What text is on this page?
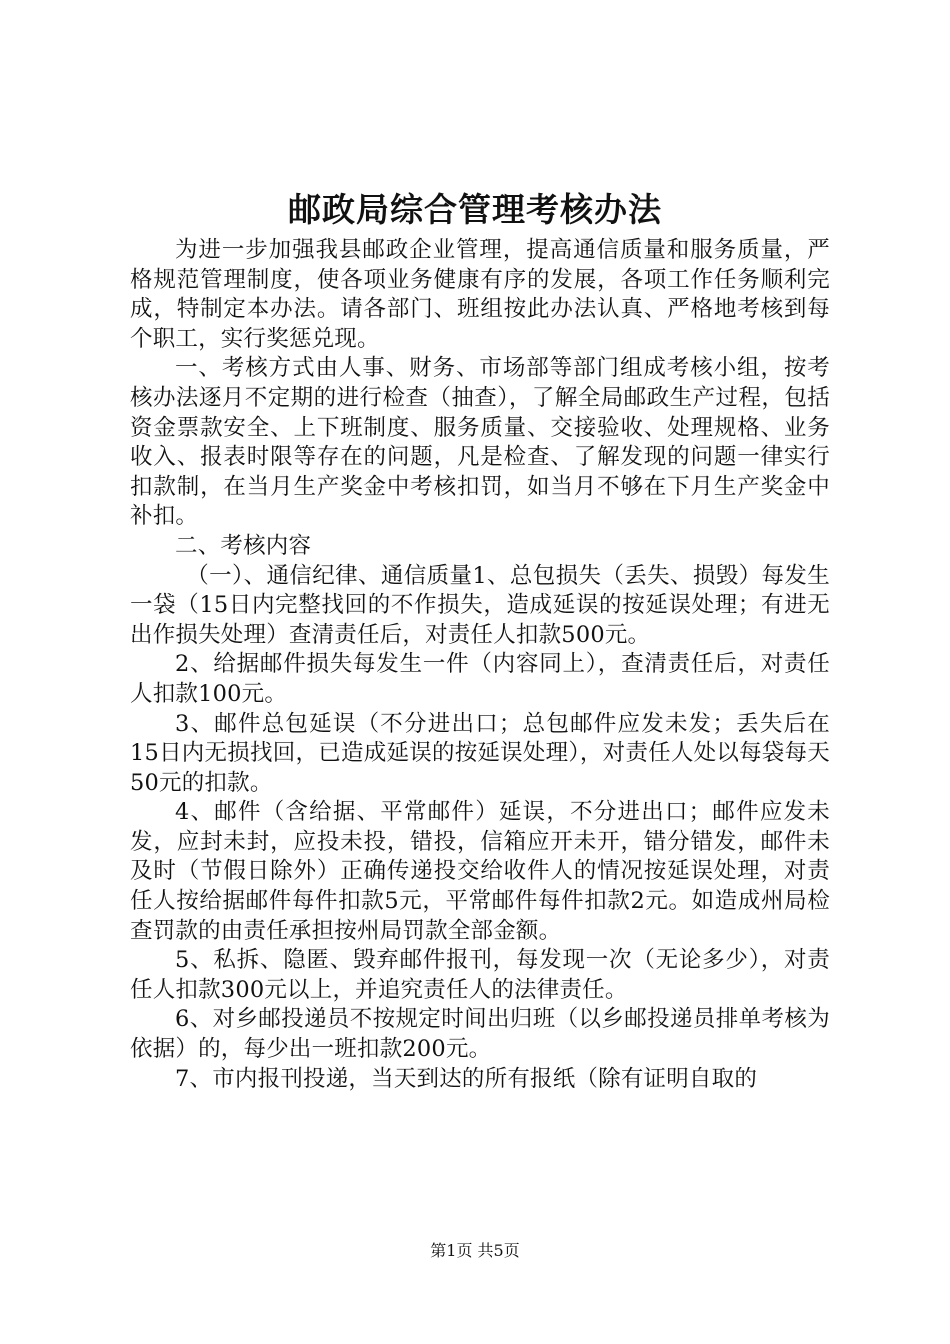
邮政局综合管理考核办法

为进一步加强我县邮政企业管理，提高通信质量和服务质量，严格规范管理制度，使各项业务健康有序的发展，各项工作任务顺利完成，特制定本办法。请各部门、班组按此办法认真、严格地考核到每个职工，实行奖惩兑现。

一、考核方式由人事、财务、市场部等部门组成考核小组，按考核办法逐月不定期的进行检查（抽查），了解全局邮政生产过程，包括资金票款安全、上下班制度、服务质量、交接验收、处理规格、业务收入、报表时限等存在的问题，凡是检查、了解发现的问题一律实行扣款制，在当月生产奖金中考核扣罚，如当月不够在下月生产奖金中补扣。

二、考核内容

（一）、通信纪律、通信质量1、总包损失（丢失、损毁）每发生一袋（15日内完整找回的不作损失，造成延误的按延误处理；有进无出作损失处理）查清责任后，对责任人扣款500元。

2、给据邮件损失每发生一件（内容同上），查清责任后，对责任人扣款100元。

3、邮件总包延误（不分进出口；总包邮件应发未发；丢失后在15日内无损找回，已造成延误的按延误处理），对责任人处以每袋每天50元的扣款。

4、邮件（含给据、平常邮件）延误，不分进出口；邮件应发未发，应封未封，应投未投，错投，信箱应开未开，错分错发，邮件未及时（节假日除外）正确传递投交给收件人的情况按延误处理，对责任人按给据邮件每件扣款5元，平常邮件每件扣款2元。如造成州局检查罚款的由责任承担按州局罚款全部金额。

5、私拆、隐匿、毁弃邮件报刊，每发现一次（无论多少），对责任人扣款300元以上，并追究责任人的法律责任。

6、对乡邮投递员不按规定时间出归班（以乡邮投递员排单考核为依据）的，每少出一班扣款200元。

7、市内报刊投递，当天到达的所有报纸（除有证明自取的

第1页 共5页
